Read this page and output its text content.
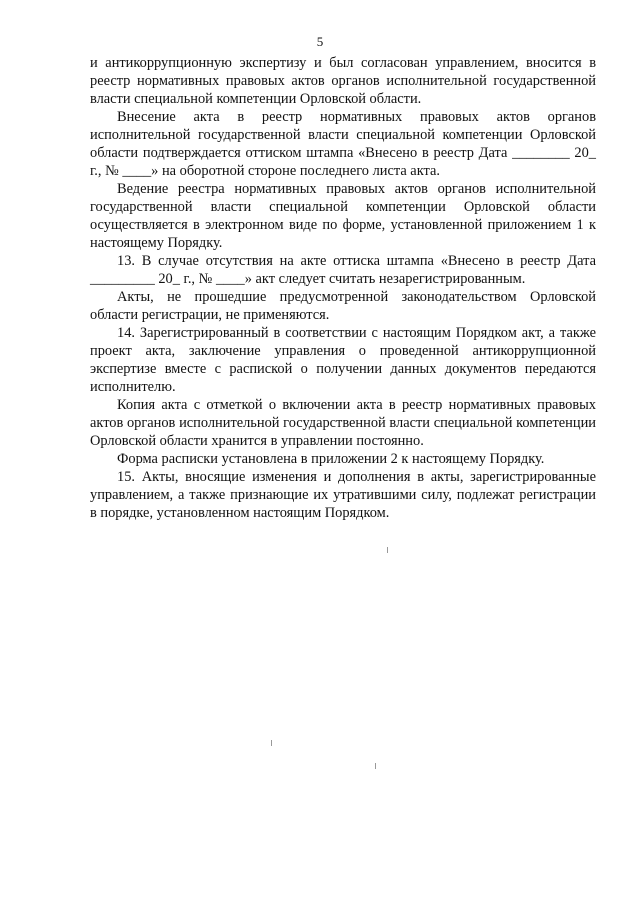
5

и антикоррупционную экспертизу и был согласован управлением, вносится в реестр нормативных правовых актов органов исполнительной государственной власти специальной компетенции Орловской области.

Внесение акта в реестр нормативных правовых актов органов исполнительной государственной власти специальной компетенции Орловской области подтверждается оттиском штампа «Внесено в реестр Дата ________ 20_ г., № ____» на оборотной стороне последнего листа акта.

Ведение реестра нормативных правовых актов органов исполнительной государственной власти специальной компетенции Орловской области осуществляется в электронном виде по форме, установленной приложением 1 к настоящему Порядку.

13. В случае отсутствия на акте оттиска штампа «Внесено в реестр Дата _________ 20_ г., № ____» акт следует считать незарегистрированным.

Акты, не прошедшие предусмотренной законодательством Орловской области регистрации, не применяются.

14. Зарегистрированный в соответствии с настоящим Порядком акт, а также проект акта, заключение управления о проведенной антикоррупционной экспертизе вместе с распиской о получении данных документов передаются исполнителю.

Копия акта с отметкой о включении акта в реестр нормативных правовых актов органов исполнительной государственной власти специальной компетенции Орловской области хранится в управлении постоянно.

Форма расписки установлена в приложении 2 к настоящему Порядку.

15. Акты, вносящие изменения и дополнения в акты, зарегистрированные управлением, а также признающие их утратившими силу, подлежат регистрации в порядке, установленном настоящим Порядком.
